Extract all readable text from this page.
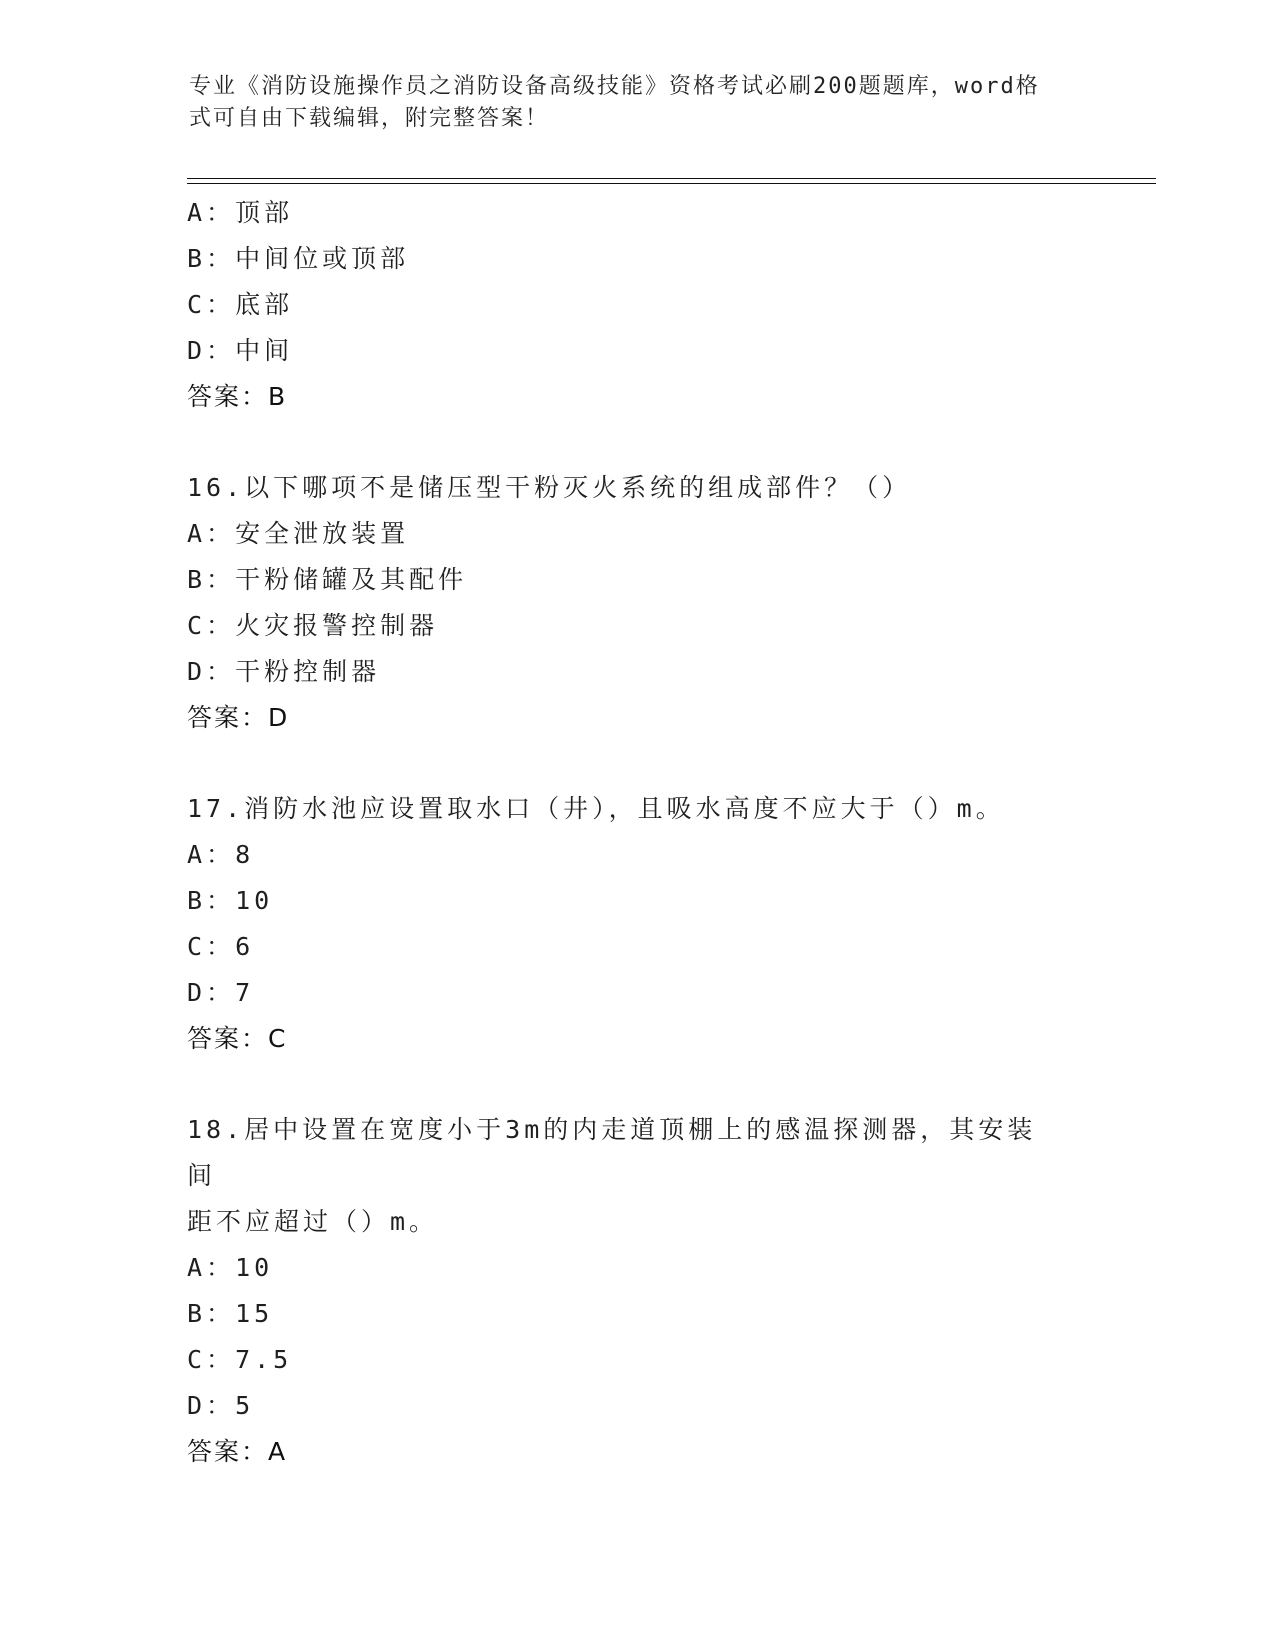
专业《消防设施操作员之消防设备高级技能》资格考试必刷200题题库，word格
式可自由下载编辑，附完整答案！
A：顶部
B：中间位或顶部
C：底部
D：中间
答案：B
16.以下哪项不是储压型干粉灭火系统的组成部件？（）
A：安全泄放装置
B：干粉储罐及其配件
C：火灾报警控制器
D：干粉控制器
答案：D
17.消防水池应设置取水口（井），且吸水高度不应大于（）m。
A：8
B：10
C：6
D：7
答案：C
18.居中设置在宽度小于3m的内走道顶棚上的感温探测器，其安装间
距不应超过（）m。
A：10
B：15
C：7.5
D：5
答案：A
